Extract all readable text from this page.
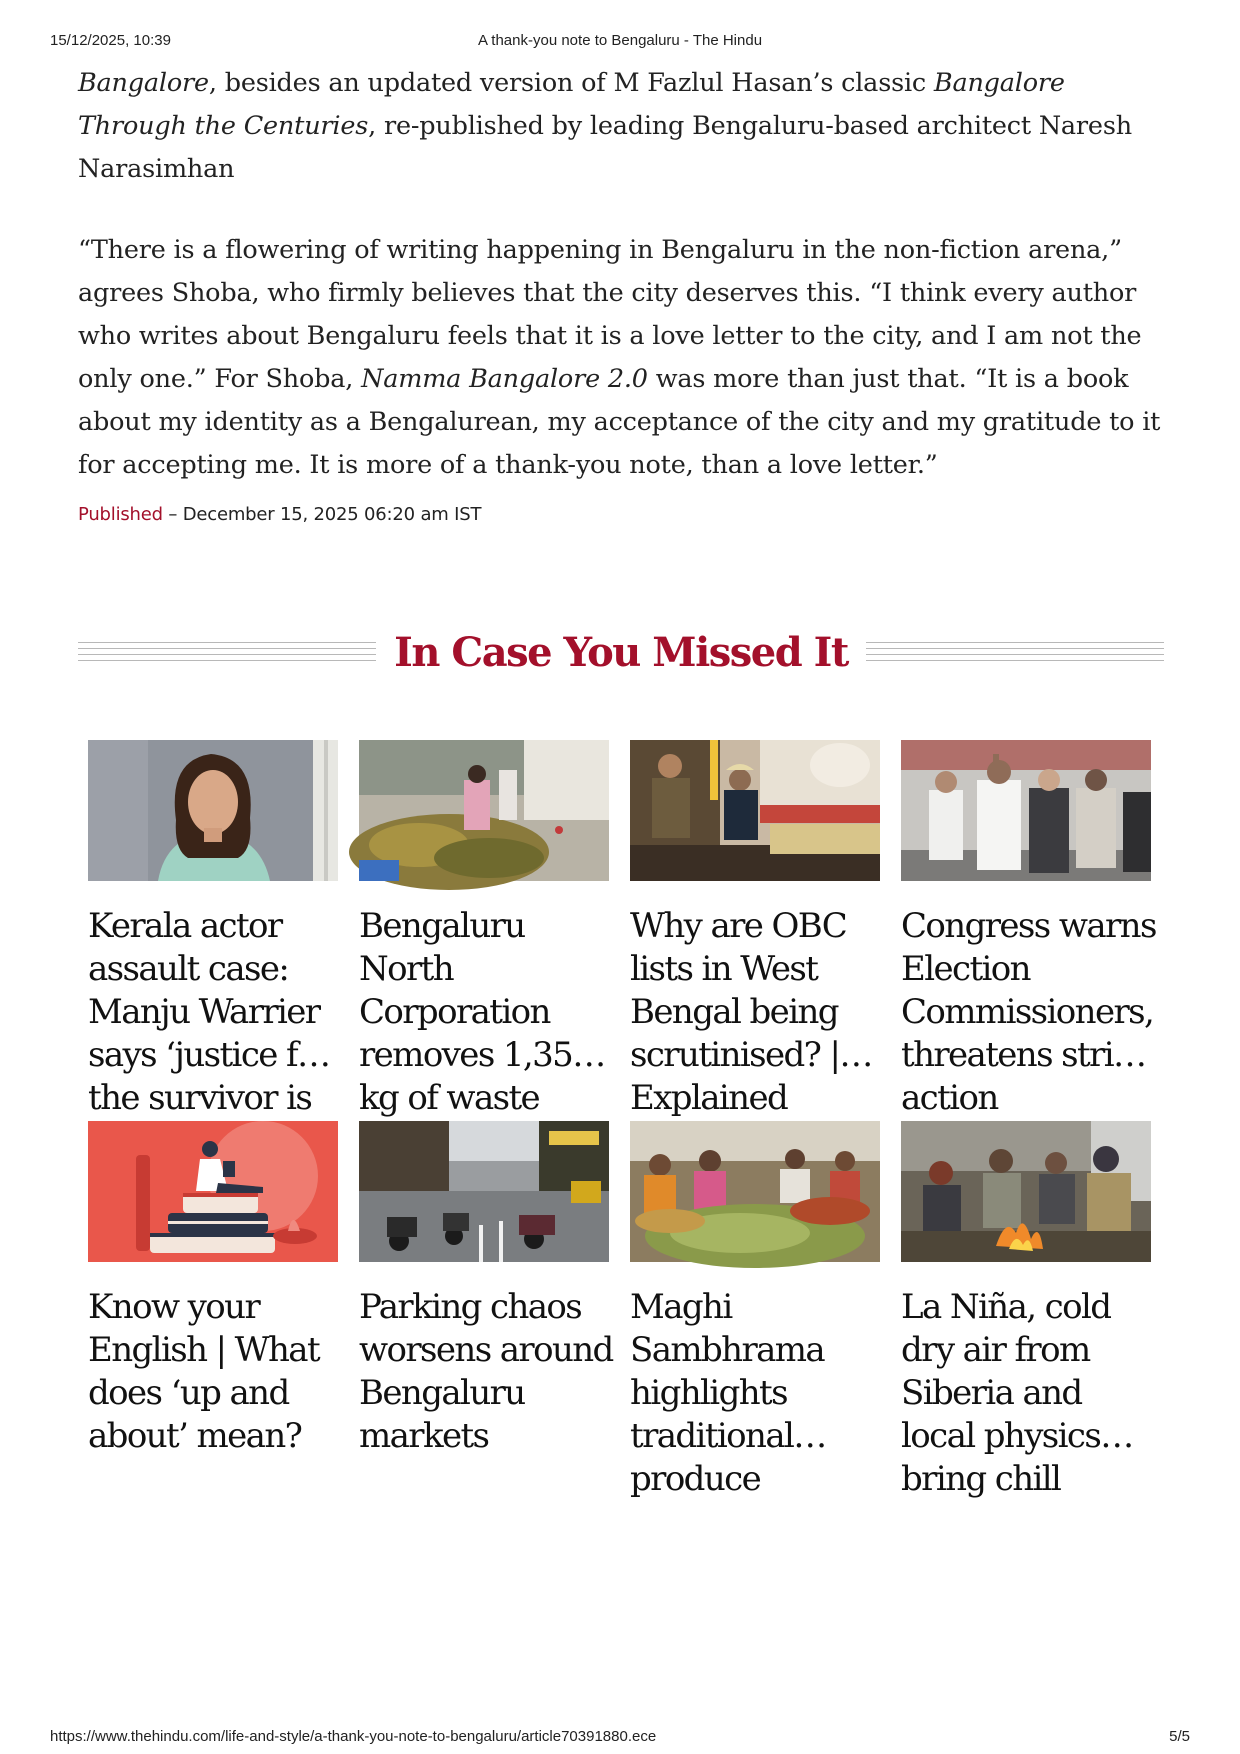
15/12/2025, 10:39	A thank-you note to Bengaluru - The Hindu

Bangalore, besides an updated version of M Fazlul Hasan’s classic Bangalore Through the Centuries, re-published by leading Bengaluru-based architect Naresh Narasimhan

“There is a flowering of writing happening in Bengaluru in the non-fiction arena,” agrees Shoba, who firmly believes that the city deserves this. “I think every author who writes about Bengaluru feels that it is a love letter to the city, and I am not the only one.” For Shoba, Namma Bangalore 2.0 was more than just that. “It is a book about my identity as a Bengalurean, my acceptance of the city and my gratitude to it for accepting me. It is more of a thank-you note, than a love letter.”

Published – December 15, 2025 06:20 am IST
In Case You Missed It
Kerala actor assault case: Manju Warrier says ‘justice for the survivor is
Bengaluru North Corporation removes 1,350 kg of waste
Why are OBC lists in West Bengal being scrutinised? | Explained
Congress warns Election Commissioners, threatens strict action
Know your English | What does ‘up and about’ mean?
Parking chaos worsens around Bengaluru markets
Maghi Sambhrama highlights traditional produce
La Niña, cold dry air from Siberia and local physics bring chill
https://www.thehindu.com/life-and-style/a-thank-you-note-to-bengaluru/article70391880.ece	5/5
